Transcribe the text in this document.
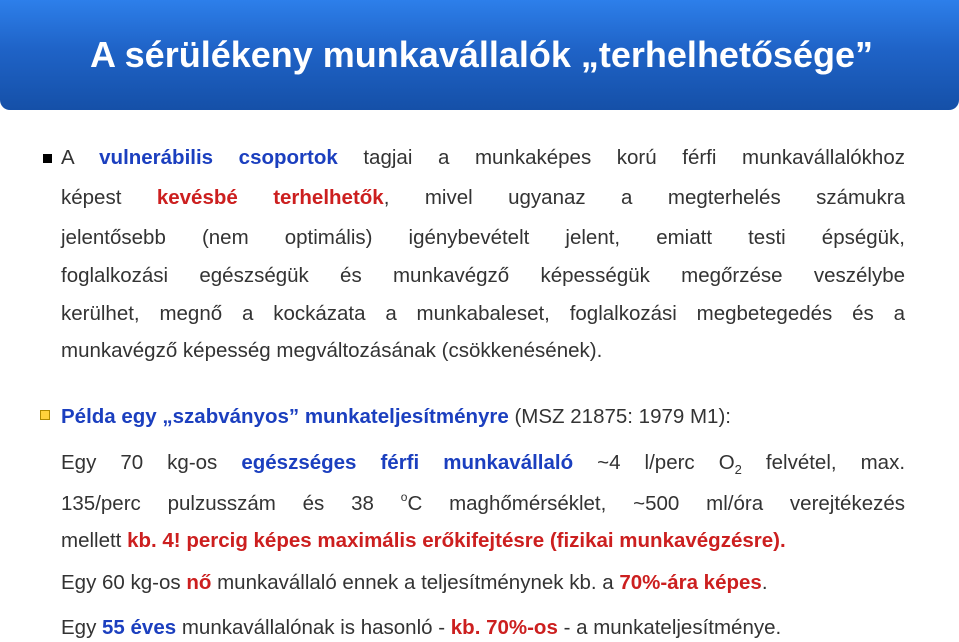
A sérülékeny munkavállalók „terhelhetősége”
A vulnerábilis csoportok tagjai a munkaképes korú férfi munkavállalókhoz
képest kevésbé terhelhetők, mivel ugyanaz a megterhelés számukra
jelentősebb (nem optimális) igénybevételt jelent, emiatt testi épségük,
foglalkozási egészségük és munkavégző képességük megőrzése veszélybe
kerülhet, megnő a kockázata a munkabaleset, foglalkozási megbetegedés és a
munkavégző képesség megváltozásának (csökkenésének).
Példa egy „szabványos” munkateljesítményre (MSZ 21875: 1979 M1):
Egy 70 kg-os egészséges férfi munkavállaló ~4 l/perc $O_2$ felvétel, max.
135/perc pulzusszám és 38 $^o$C maghőmérséklet, ~500 ml/óra verejtékezés
mellett kb. 4! percig képes maximális erőkifejtésre (fizikai munkavégzésre).
Egy 60 kg-os nő munkavállaló ennek a teljesítménynek kb. a 70%-ára képes.
Egy 55 éves munkavállalónak is hasonló - kb. 70%-os - a munkateljesítménye.
